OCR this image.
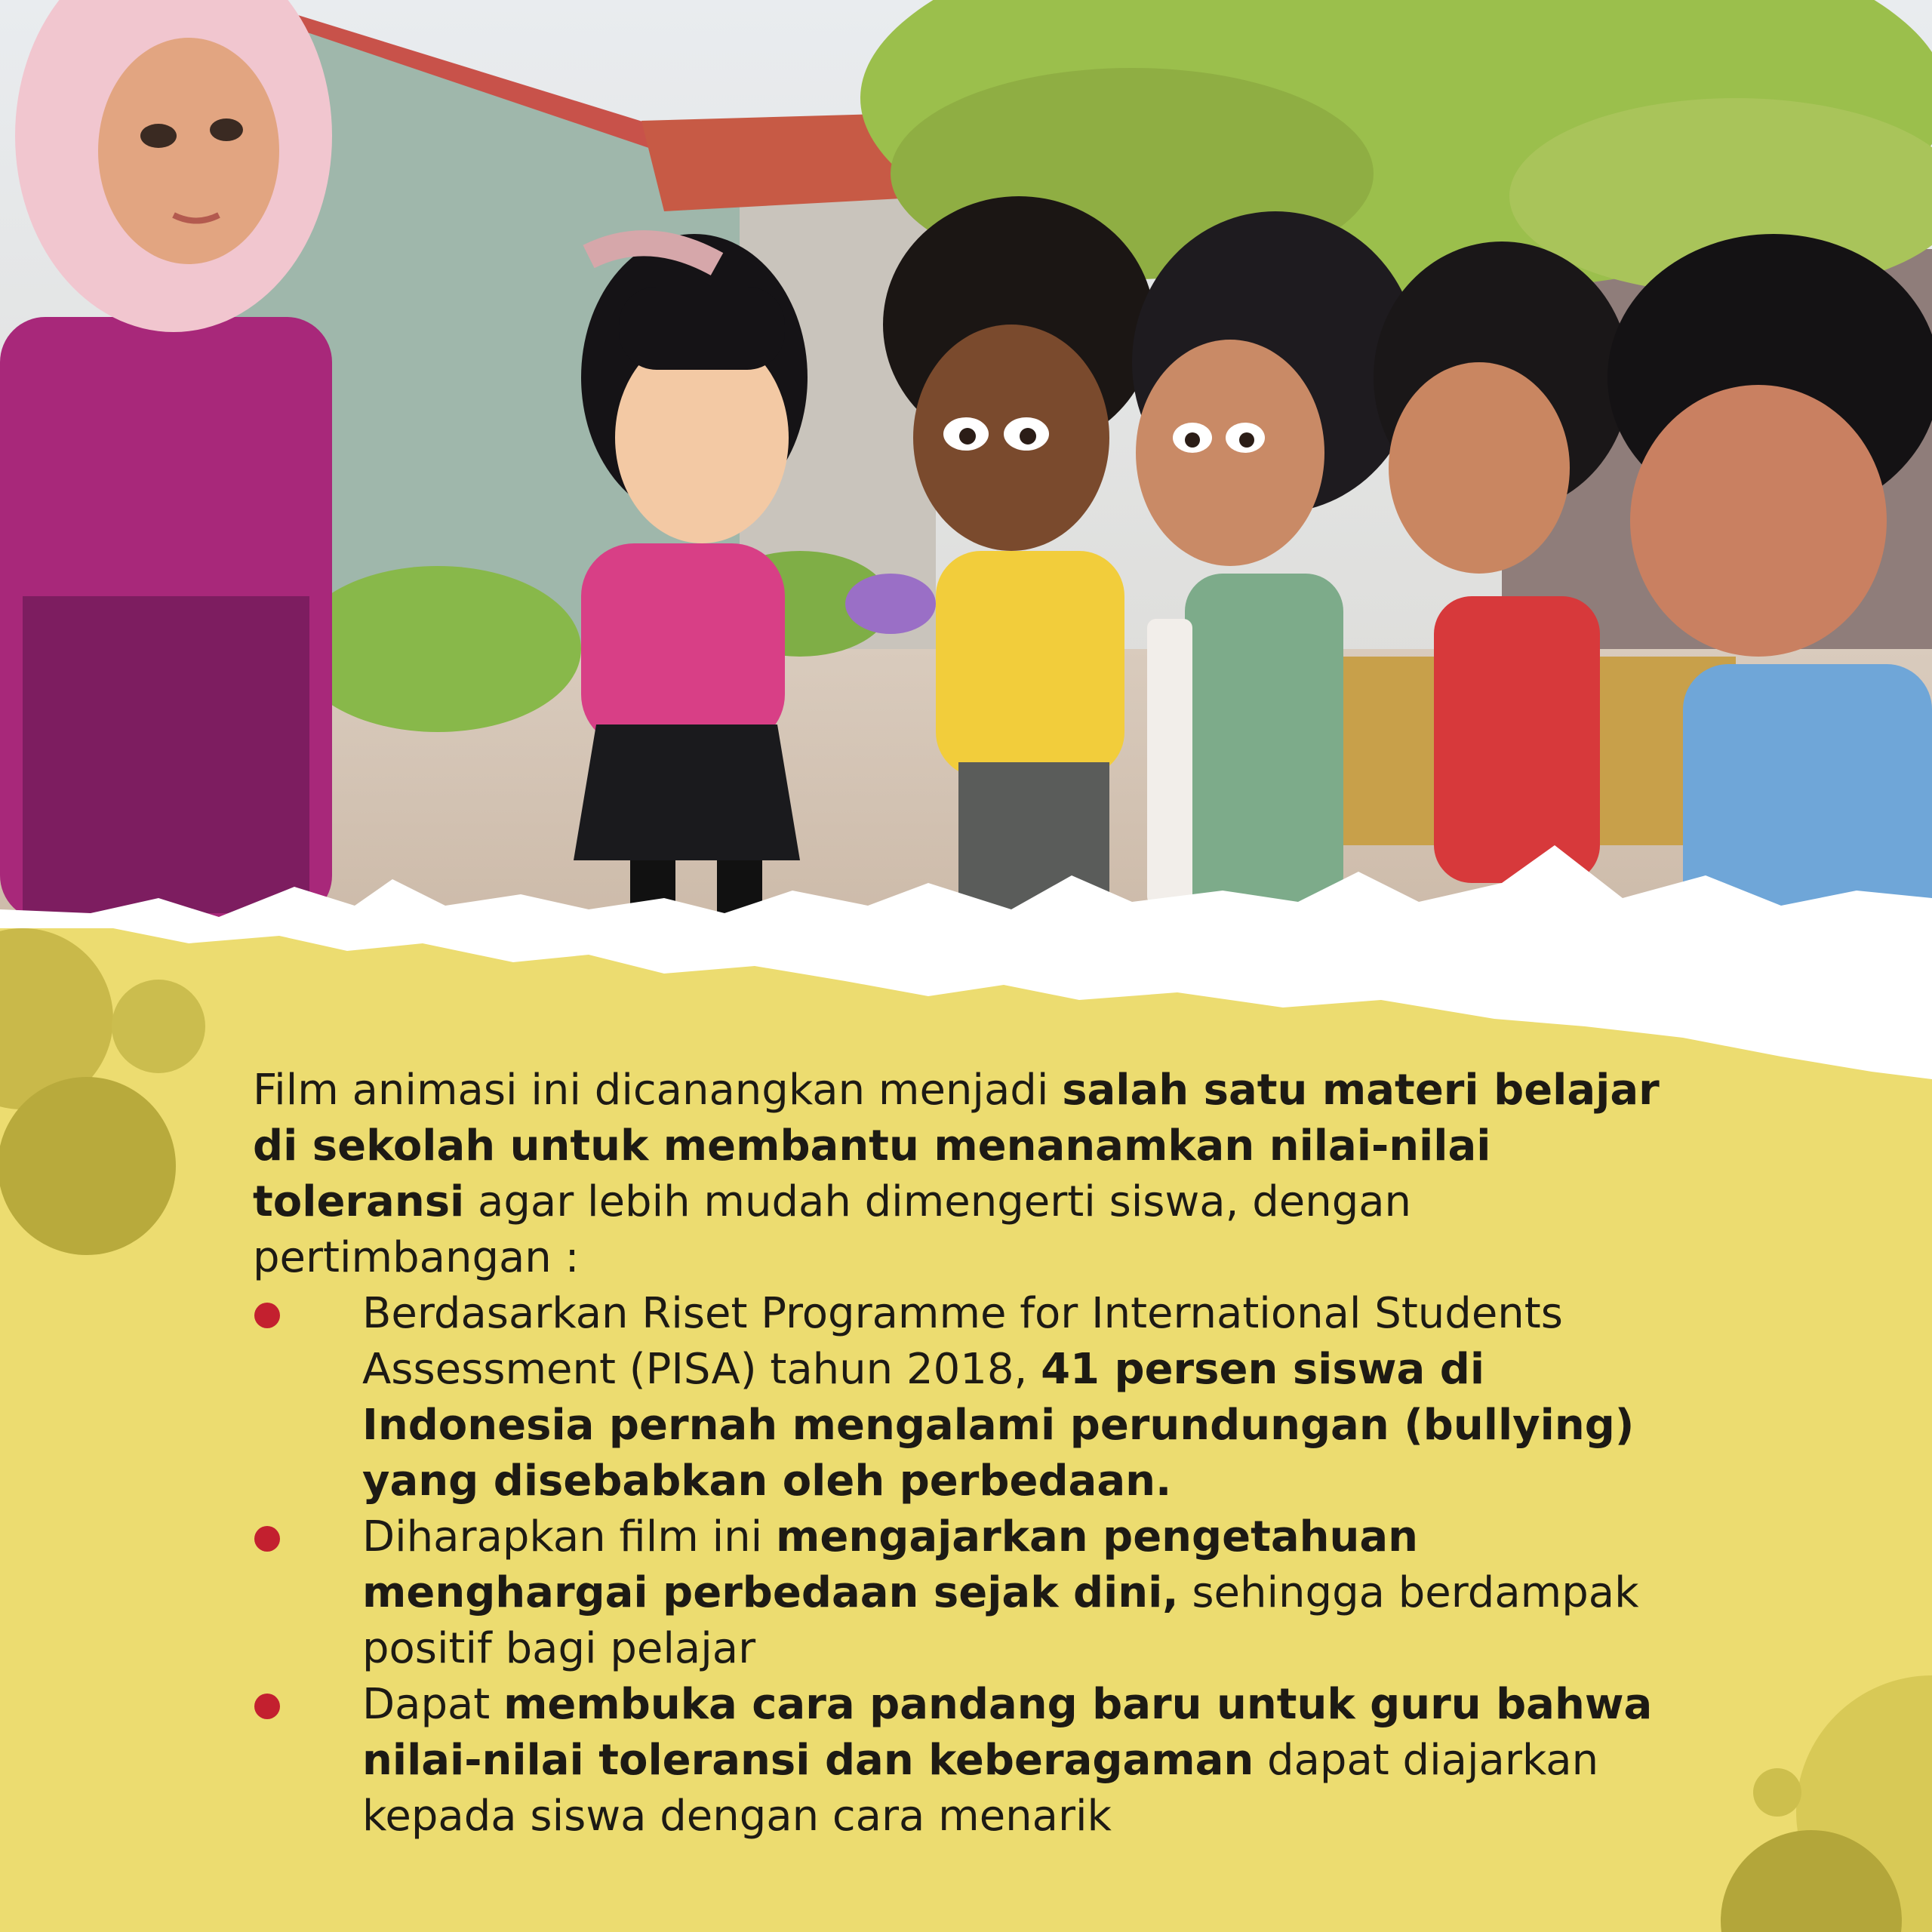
Film animasi ini dicanangkan menjadi salah satu materi belajar di sekolah untuk membantu menanamkan nilai-nilai toleransi agar lebih mudah dimengerti siswa, dengan pertimbangan :

Berdasarkan Riset Programme for International Students Assessment (PISA) tahun 2018, 41 persen siswa di Indonesia pernah mengalami perundungan (bullying) yang disebabkan oleh perbedaan.
Diharapkan film ini mengajarkan pengetahuan menghargai perbedaan sejak dini, sehingga berdampak positif bagi pelajar
Dapat membuka cara pandang baru untuk guru bahwa nilai-nilai toleransi dan keberagaman dapat diajarkan kepada siswa dengan cara menarik
